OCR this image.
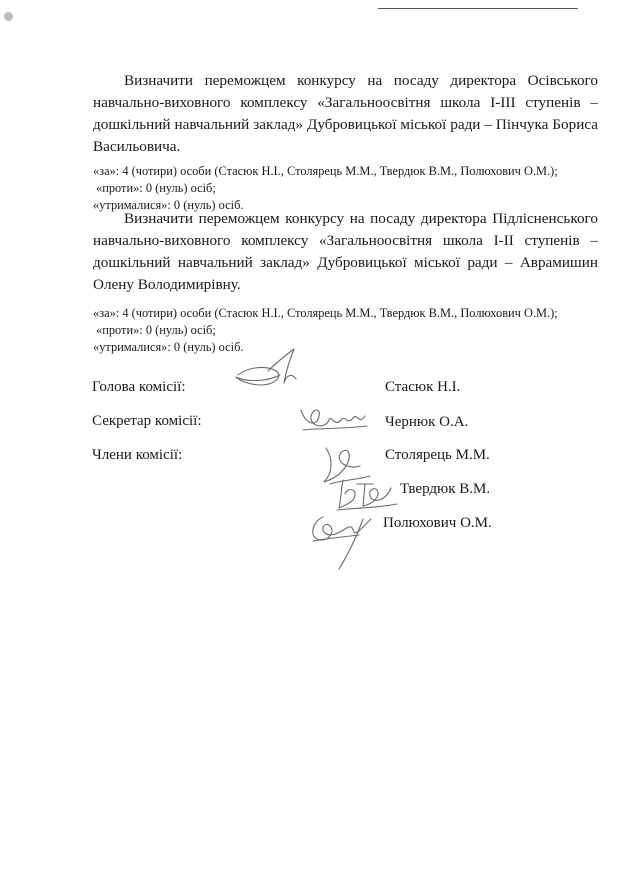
Визначити переможцем конкурсу на посаду директора Осівського навчально-виховного комплексу «Загальноосвітня школа І-ІІІ ступенів – дошкільний навчальний заклад» Дубровицької міської ради – Пінчука Бориса Васильовича.

«за»: 4 (чотири) особи (Стасюк Н.І., Столярець М.М., Твердюк В.М., Полюхович О.М.);
«проти»: 0 (нуль) осіб;
«утрималися»: 0 (нуль) осіб.

Визначити переможцем конкурсу на посаду директора Підлісненського навчально-виховного комплексу «Загальноосвітня школа І-ІІ ступенів – дошкільний навчальний заклад» Дубровицької міської ради – Аврамишин Олену Володимирівну.

«за»: 4 (чотири) особи (Стасюк Н.І., Столярець М.М., Твердюк В.М., Полюхович О.М.);
«проти»: 0 (нуль) осіб;
«утрималися»: 0 (нуль) осіб.
Голова комісії:	Стасюк Н.І.
Секретар комісії:	Чернюк О.А.
Члени комісії:	Столярець М.М.
Твердюк В.М.
Полюхович О.М.
